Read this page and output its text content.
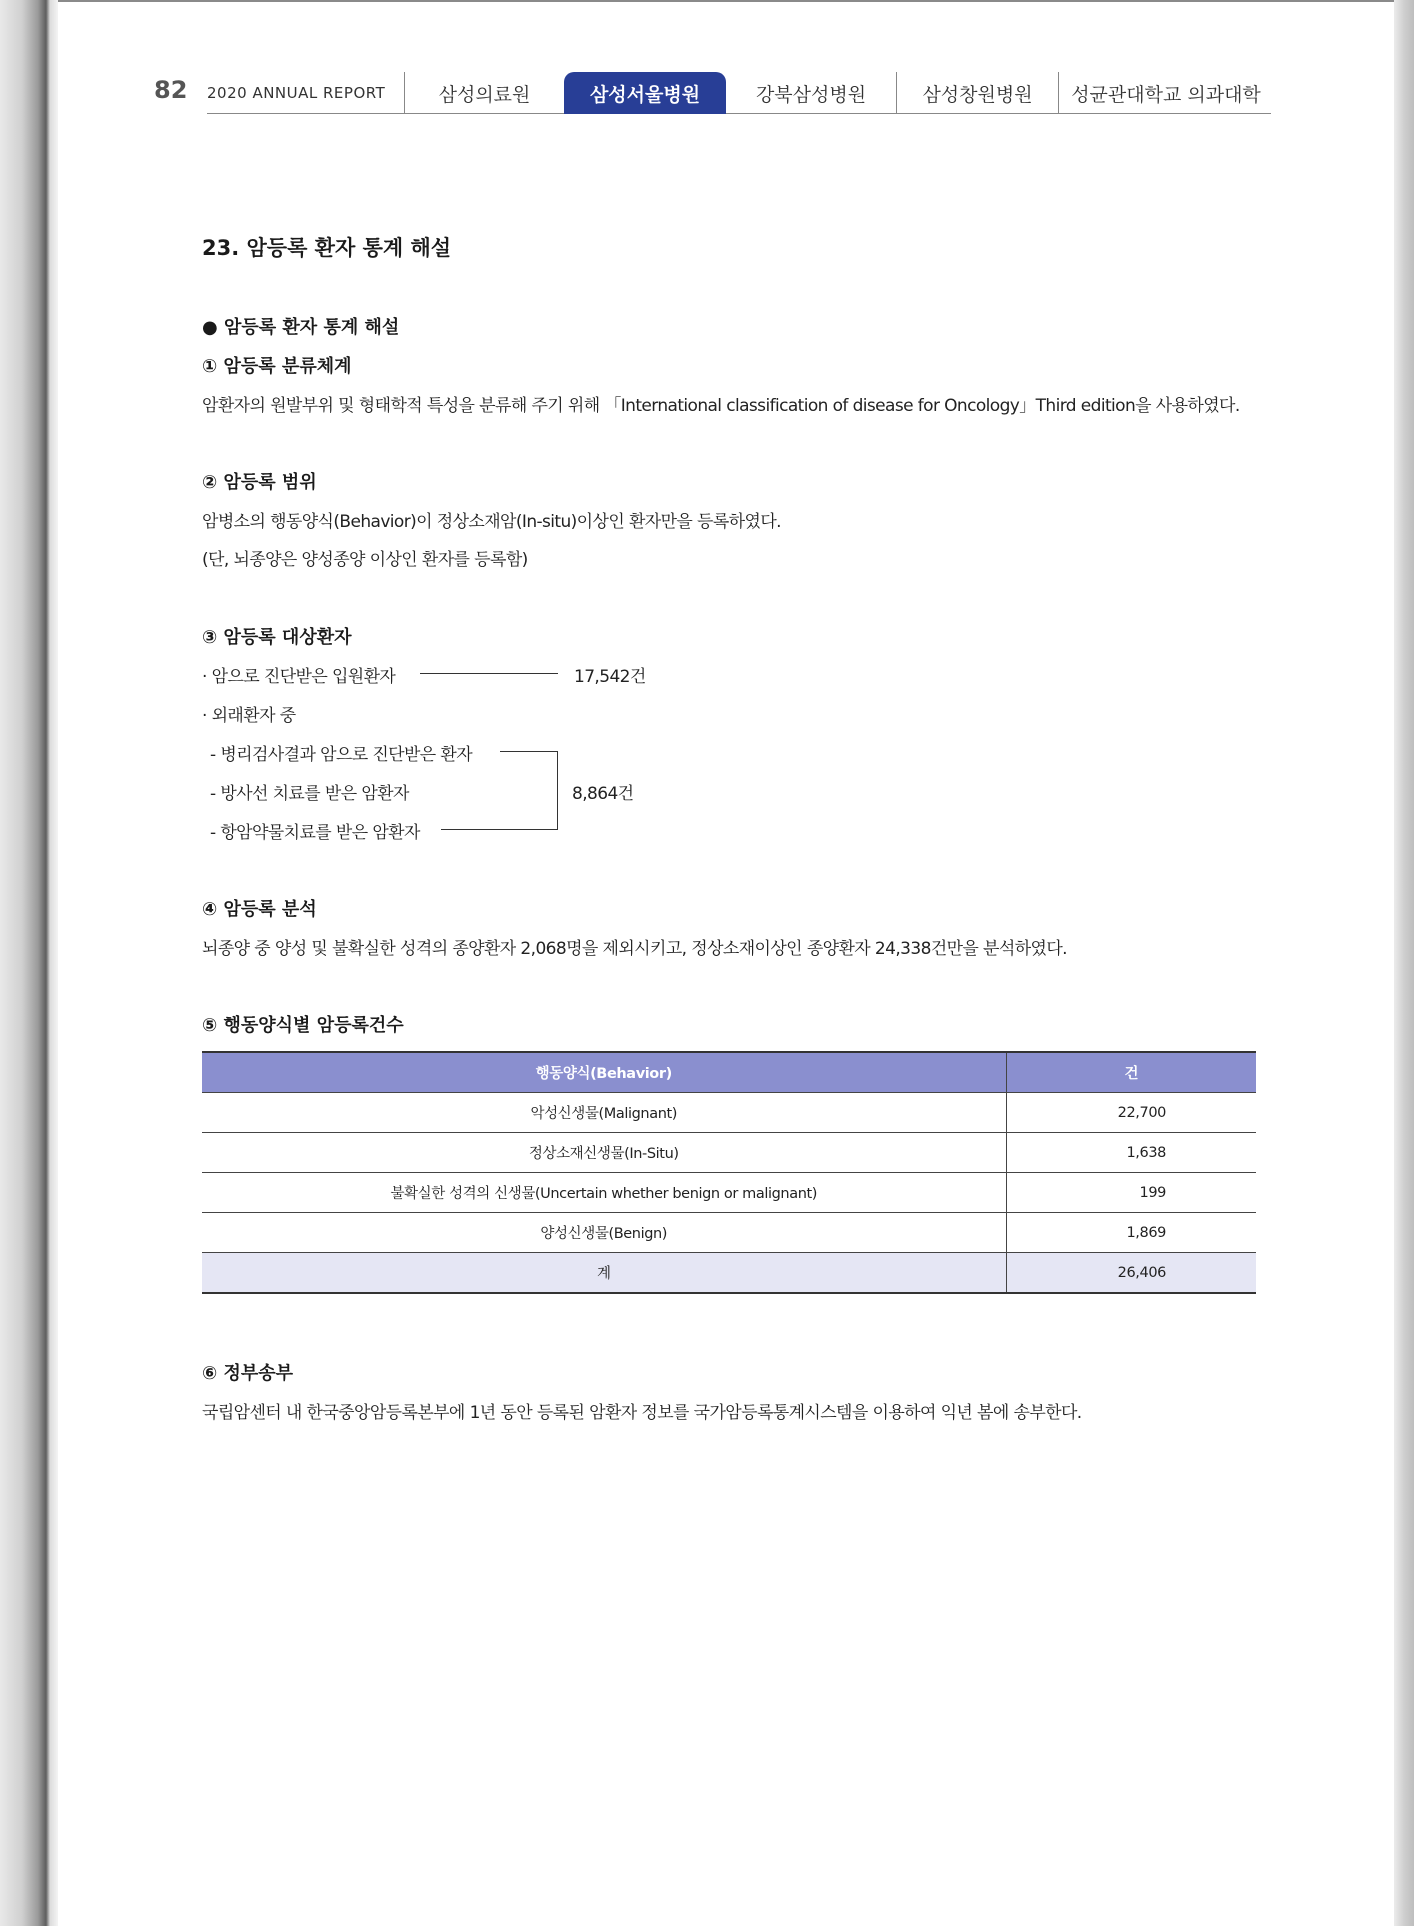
82 2020 ANNUAL REPORT	삼성의료원	삼성서울병원	강북삼성병원	삼성창원병원	성균관대학교 의과대학
23. 암등록 환자 통계 해설
● 암등록 환자 통계 해설
① 암등록 분류체계
암환자의 원발부위 및 형태학적 특성을 분류해 주기 위해 「International classification of disease for Oncology」Third edition을 사용하였다.
② 암등록 범위
암병소의 행동양식(Behavior)이 정상소재암(In-situ)이상인 환자만을 등록하였다.
(단, 뇌종양은 양성종양 이상인 환자를 등록함)
③ 암등록 대상환자
· 암으로 진단받은 입원환자	17,542건
· 외래환자 중
- 병리검사결과 암으로 진단받은 환자
- 방사선 치료를 받은 암환자
- 항암약물치료를 받은 암환자
8,864건
④ 암등록 분석
뇌종양 중 양성 및 불확실한 성격의 종양환자 2,068명을 제외시키고, 정상소재이상인 종양환자 24,338건만을 분석하였다.
⑤ 행동양식별 암등록건수
행동양식(Behavior)	건
악성신생물(Malignant)	22,700
정상소재신생물(In-Situ)	1,638
불확실한 성격의 신생물(Uncertain whether benign or malignant)	199
양성신생물(Benign)	1,869
계	26,406
⑥ 정부송부
국립암센터 내 한국중앙암등록본부에 1년 동안 등록된 암환자 정보를 국가암등록통계시스템을 이용하여 익년 봄에 송부한다.
